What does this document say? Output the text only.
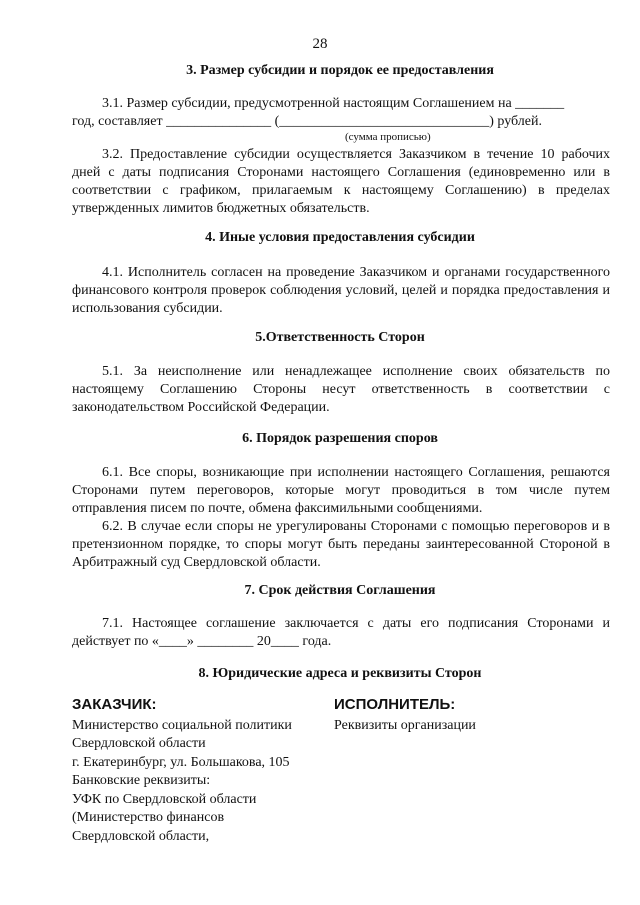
28
3. Размер субсидии и порядок ее предоставления
3.1. Размер субсидии, предусмотренной настоящим Соглашением на _______
год, составляет _______________ (______________________________) рублей.
(сумма прописью)

3.2. Предоставление субсидии осуществляется Заказчиком в течение 10 рабочих дней с даты подписания Сторонами настоящего Соглашения (единовременно или в соответствии с графиком, прилагаемым к настоящему Соглашению) в пределах утвержденных лимитов бюджетных обязательств.

4. Иные условия предоставления субсидии

4.1. Исполнитель согласен на проведение Заказчиком и органами государственного финансового контроля проверок соблюдения условий, целей и порядка предоставления и использования субсидии.

5.Ответственность Сторон

5.1. За неисполнение или ненадлежащее исполнение своих обязательств по настоящему Соглашению Стороны несут ответственность в соответствии с законодательством Российской Федерации.

6. Порядок разрешения споров

6.1. Все споры, возникающие при исполнении настоящего Соглашения, решаются Сторонами путем переговоров, которые могут проводиться в том числе путем отправления писем по почте, обмена факсимильными сообщениями.

6.2. В случае если споры не урегулированы Сторонами с помощью переговоров и в претензионном порядке, то споры могут быть переданы заинтересованной Стороной в Арбитражный суд Свердловской области.

7. Срок действия Соглашения

7.1. Настоящее соглашение заключается с даты его подписания Сторонами и действует по «____» ________ 20____ года.

8. Юридические адреса и реквизиты Сторон
ЗАКАЗЧИК:
Министерство социальной политики
Свердловской области
г. Екатеринбург, ул. Большакова, 105
Банковские реквизиты:
УФК по Свердловской области
(Министерство финансов
Свердловской области,
ИСПОЛНИТЕЛЬ:
Реквизиты организации
